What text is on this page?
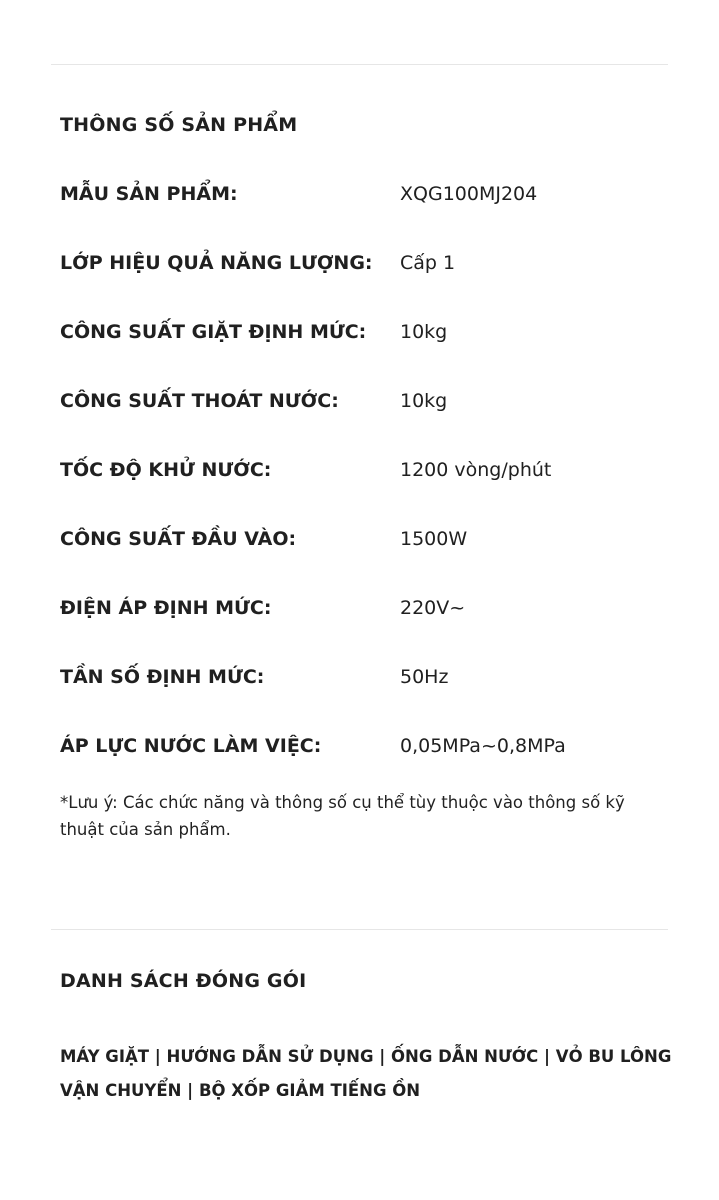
THÔNG SỐ SẢN PHẨM
MẪU SẢN PHẨM:	XQG100MJ204
LỚP HIỆU QUẢ NĂNG LƯỢNG: Cấp 1
CÔNG SUẤT GIẶT ĐỊNH MỨC: 10kg
CÔNG SUẤT THOÁT NƯỚC:	10kg
TỐC ĐỘ KHỬ NƯỚC:	1200 vòng/phút
CÔNG SUẤT ĐẦU VÀO:	1500W
ĐIỆN ÁP ĐỊNH MỨC:	220V~
TẦN SỐ ĐỊNH MỨC:	50Hz
ÁP LỰC NƯỚC LÀM VIỆC:	0,05MPa~0,8MPa
*Lưu ý: Các chức năng và thông số cụ thể tùy thuộc vào thông số kỹ thuật của sản phẩm.
DANH SÁCH ĐÓNG GÓI
MÁY GIẶT | HƯỚNG DẪN SỬ DỤNG | ỐNG DẪN NƯỚC | VỎ BU LÔNG
VẬN CHUYỂN | BỘ XỐP GIẢM TIẾNG ỒN
